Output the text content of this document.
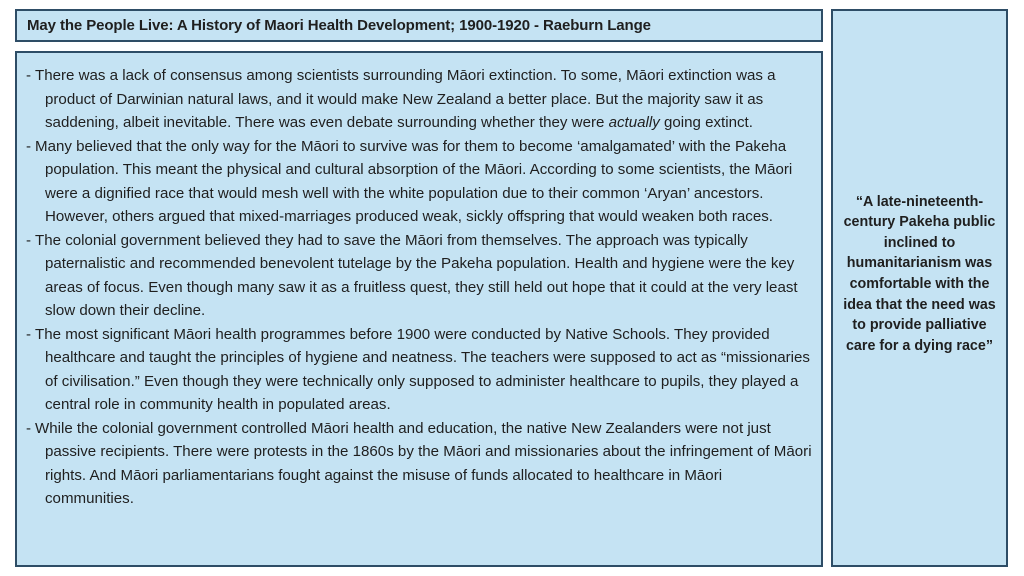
May the People Live: A History of Maori Health Development; 1900-1920 - Raeburn Lange
-There was a lack of consensus among scientists surrounding Māori extinction. To some, Māori extinction was a product of Darwinian natural laws, and it would make New Zealand a better place. But the majority saw it as saddening, albeit inevitable. There was even debate surrounding whether they were actually going extinct.
-Many believed that the only way for the Māori to survive was for them to become ‘amalgamated’ with the Pakeha population. This meant the physical and cultural absorption of the Māori. According to some scientists, the Māori were a dignified race that would mesh well with the white population due to their common ‘Aryan’ ancestors. However, others argued that mixed-marriages produced weak, sickly offspring that would weaken both races.
-The colonial government believed they had to save the Māori from themselves. The approach was typically paternalistic and recommended benevolent tutelage by the Pakeha population. Health and hygiene were the key areas of focus. Even though many saw it as a fruitless quest, they still held out hope that it could at the very least slow down their decline.
-The most significant Māori health programmes before 1900 were conducted by Native Schools. They provided healthcare and taught the principles of hygiene and neatness. The teachers were supposed to act as “missionaries of civilisation.” Even though they were technically only supposed to administer healthcare to pupils, they played a central role in community health in populated areas.
-While the colonial government controlled Māori health and education, the native New Zealanders were not just passive recipients. There were protests in the 1860s by the Māori and missionaries about the infringement of Māori rights. And Māori parliamentarians fought against the misuse of funds allocated to healthcare in Māori communities.

“A late-nineteenth-century Pakeha public inclined to humanitarianism was comfortable with the idea that the need was to provide palliative care for a dying race”
